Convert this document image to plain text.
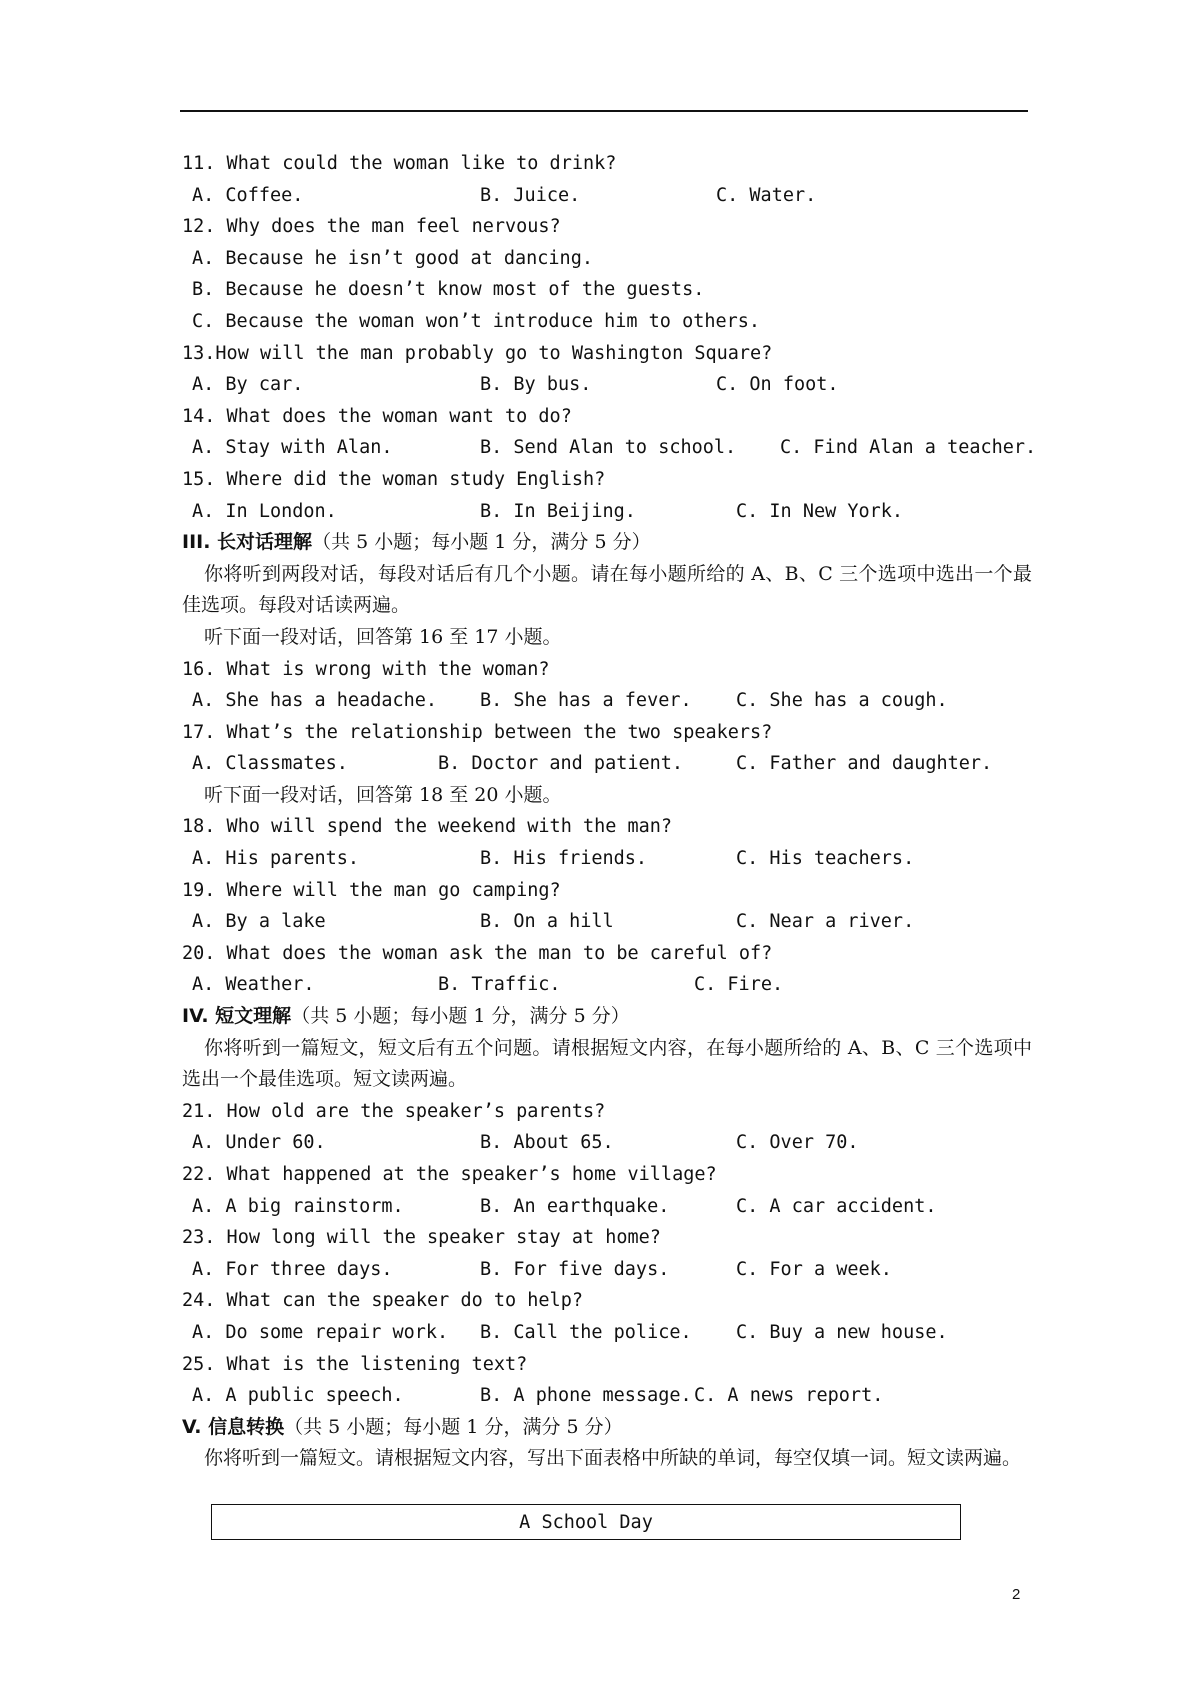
11. What could the woman like to drink?

A. Coffee.

	B. Juice.

	C. Water.

12. Why does the man feel nervous?
A. Because he isn’t good at dancing.
B. Because he doesn’t know most of the guests.
C. Because the woman won’t introduce him to others.
13.How will the man probably go to Washington Square?

A. By car.

	B. By bus.

	C. On foot.

14. What does the woman want to do?

A. Stay with Alan.

	B. Send Alan to school.

C. Find Alan a teacher.

15. Where did the woman study English?

A. In London.

	B. In Beijing.

	C. In New York.

III. 长对话理解（共 5 小题；每小题 1 分，满分 5 分）
你将听到两段对话，每段对话后有几个小题。请在每小题所给的 A、B、C 三个选项中选出一个最佳选项。每段对话读两遍。
听下面一段对话，回答第 16 至 17 小题。
16. What is wrong with the woman?

A. She has a headache.

B. She has a fever.

C. She has a cough.

17. What’s the relationship between the two speakers?

A. Classmates.

	B. Doctor and patient.

	C. Father and daughter.

听下面一段对话，回答第 18 至 20 小题。
18. Who will spend the weekend with the man?

A. His parents.

	B. His friends.

	C. His teachers.

19. Where will the man go camping?

A. By a lake

	B. On a hill

	C. Near a river.

20. What does the woman ask the man to be careful of?

A. Weather.

	B. Traffic.

	C. Fire.

IV. 短文理解（共 5 小题；每小题 1 分，满分 5 分）
你将听到一篇短文，短文后有五个问题。请根据短文内容，在每小题所给的 A、B、C 三个选项中选出一个最佳选项。短文读两遍。
21. How old are the speaker’s parents?

A. Under 60.

	B. About 65.

	C. Over 70.

22. What happened at the speaker’s home village?

A. A big rainstorm.

	B. An earthquake.

	C. A car accident.

23. How long will the speaker stay at home?

A. For three days.

	B. For five days.

	C. For a week.

24. What can the speaker do to help?

A. Do some repair work.

B. Call the police.

C. Buy a new house.

25. What is the listening text?

A. A public speech.

	B. A phone message.

C. A news report.

V. 信息转换（共 5 小题；每小题 1 分，满分 5 分）
你将听到一篇短文。请根据短文内容，写出下面表格中所缺的单词，每空仅填一词。短文读两遍。
A School Day
2
